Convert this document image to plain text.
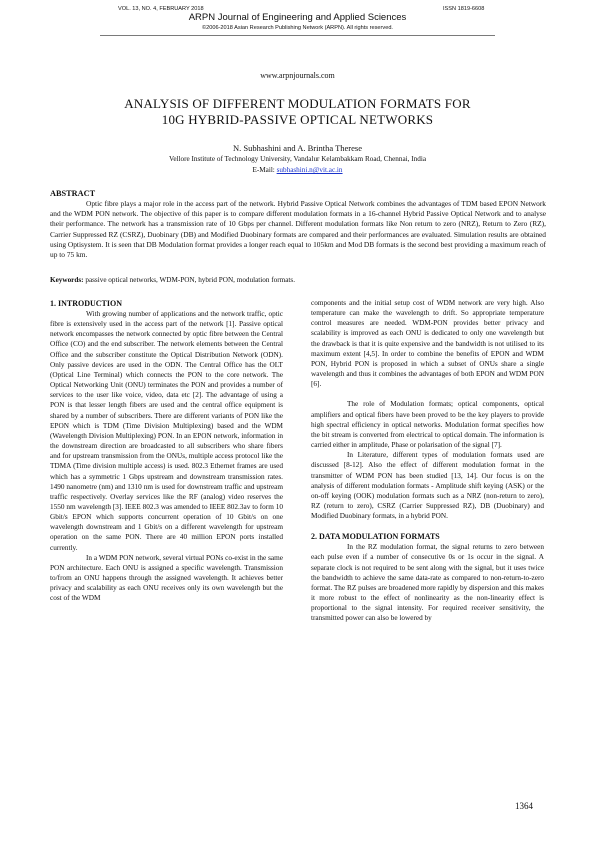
VOL. 13, NO. 4, FEBRUARY 2018	ISSN 1819-6608
ARPN Journal of Engineering and Applied Sciences
©2006-2018 Asian Research Publishing Network (ARPN). All rights reserved.
www.arpnjournals.com
ANALYSIS OF DIFFERENT MODULATION FORMATS FOR
10G HYBRID-PASSIVE OPTICAL NETWORKS
N. Subhashini and A. Brintha Therese
Vellore Institute of Technology University, Vandalur Kelambakkam Road, Chennai, India
E-Mail: subhashini.n@vit.ac.in
ABSTRACT

Optic fibre plays a major role in the access part of the network. Hybrid Passive Optical Network combines the advantages of TDM based EPON Network and the WDM PON network. The objective of this paper is to compare different modulation formats in a 16-channel Hybrid Passive Optical Network and to analyse their performance. The network has a transmission rate of 10 Gbps per channel. Different modulation formats like Non return to zero (NRZ), Return to Zero (RZ), Carrier Suppressed RZ (CSRZ), Duobinary (DB) and Modified Duobinary formats are compared and their performances are evaluated. Simulation results are obtained using Optisystem. It is seen that DB Modulation format provides a longer reach equal to 105km and Mod DB formats is the second best providing a maximum reach of up to 75 km.

Keywords: passive optical networks, WDM-PON, hybrid PON, modulation formats.
1. INTRODUCTION

With growing number of applications and the network traffic, optic fibre is extensively used in the access part of the network [1]. Passive optical network encompasses the network connected by optic fibre between the Central Office (CO) and the end subscriber. The network elements between the Central Office and the subscriber constitute the Optical Distribution Network (ODN). Only passive devices are used in the ODN. The Central Office has the OLT (Optical Line Terminal) which connects the PON to the core network. The Optical Networking Unit (ONU) terminates the PON and provides a number of services to the user like voice, video, data etc [2]. The advantage of using a PON is that lesser length fibers are used and the central office equipment is shared by a number of subscribers. There are different variants of PON like the EPON which is TDM (Time Division Multiplexing) based and the WDM (Wavelength Division Multiplexing) PON. In an EPON network, information in the downstream direction are broadcasted to all subscribers who share fibers and for upstream transmission from the ONUs, multiple access protocol like the TDMA (Time division multiple access) is used. 802.3 Ethernet frames are used which has a symmetric 1 Gbps upstream and downstream transmission rates. 1490 nanometre (nm) and 1310 nm is used for downstream traffic and upstream traffic respectively. Overlay services like the RF (analog) video reserves the 1550 nm wavelength [3]. IEEE 802.3 was amended to IEEE 802.3av to form 10 Gbit/s EPON which supports concurrent operation of 10 Gbit/s on one wavelength downstream and 1 Gbit/s on a different wavelength for upstream operation on the same PON. There are 40 million EPON ports installed currently.

In a WDM PON network, several virtual PONs co-exist in the same PON architecture. Each ONU is assigned a specific wavelength. Transmission to/from an ONU happens through the assigned wavelength. It achieves better privacy and scalability as each ONU receives only its own wavelength but the cost of the WDM

components and the initial setup cost of WDM network are very high. Also temperature can make the wavelength to drift. So appropriate temperature control measures are needed. WDM-PON provides better privacy and scalability is improved as each ONU is dedicated to only one wavelength but the drawback is that it is quite expensive and the bandwidth is not utilised to its maximum extent [4,5]. In order to combine the benefits of EPON and WDM PON, Hybrid PON is proposed in which a subset of ONUs share a single wavelength and thus it combines the advantages of both EPON and WDM PON [6].

The role of Modulation formats; optical components, optical amplifiers and optical fibers have been proved to be the key players to provide high spectral efficiency in optical networks. Modulation format specifies how the bit stream is converted from electrical to optical domain. The information is carried either in amplitude, Phase or polarisation of the signal [7].

In Literature, different types of modulation formats used are discussed [8-12]. Also the effect of different modulation format in the transmitter of WDM PON has been studied [13, 14]. Our focus is on the analysis of different modulation formats - Amplitude shift keying (ASK) or the on-off keying (OOK) modulation formats such as a NRZ (non-return to zero), RZ (return to zero), CSRZ (Carrier Suppressed RZ), DB (Duobinary) and Modified Duobinary formats, in a hybrid PON.

2. DATA MODULATION FORMATS

In the RZ modulation format, the signal returns to zero between each pulse even if a number of consecutive 0s or 1s occur in the signal. A separate clock is not required to be sent along with the signal, but it uses twice the bandwidth to achieve the same data-rate as compared to non-return-to-zero format. The RZ pulses are broadened more rapidly by dispersion and this makes it more robust to the effect of nonlinearity as the non-linearity effect is proportional to the signal intensity. For required receiver sensitivity, the transmitted power can also be lowered by

1364
